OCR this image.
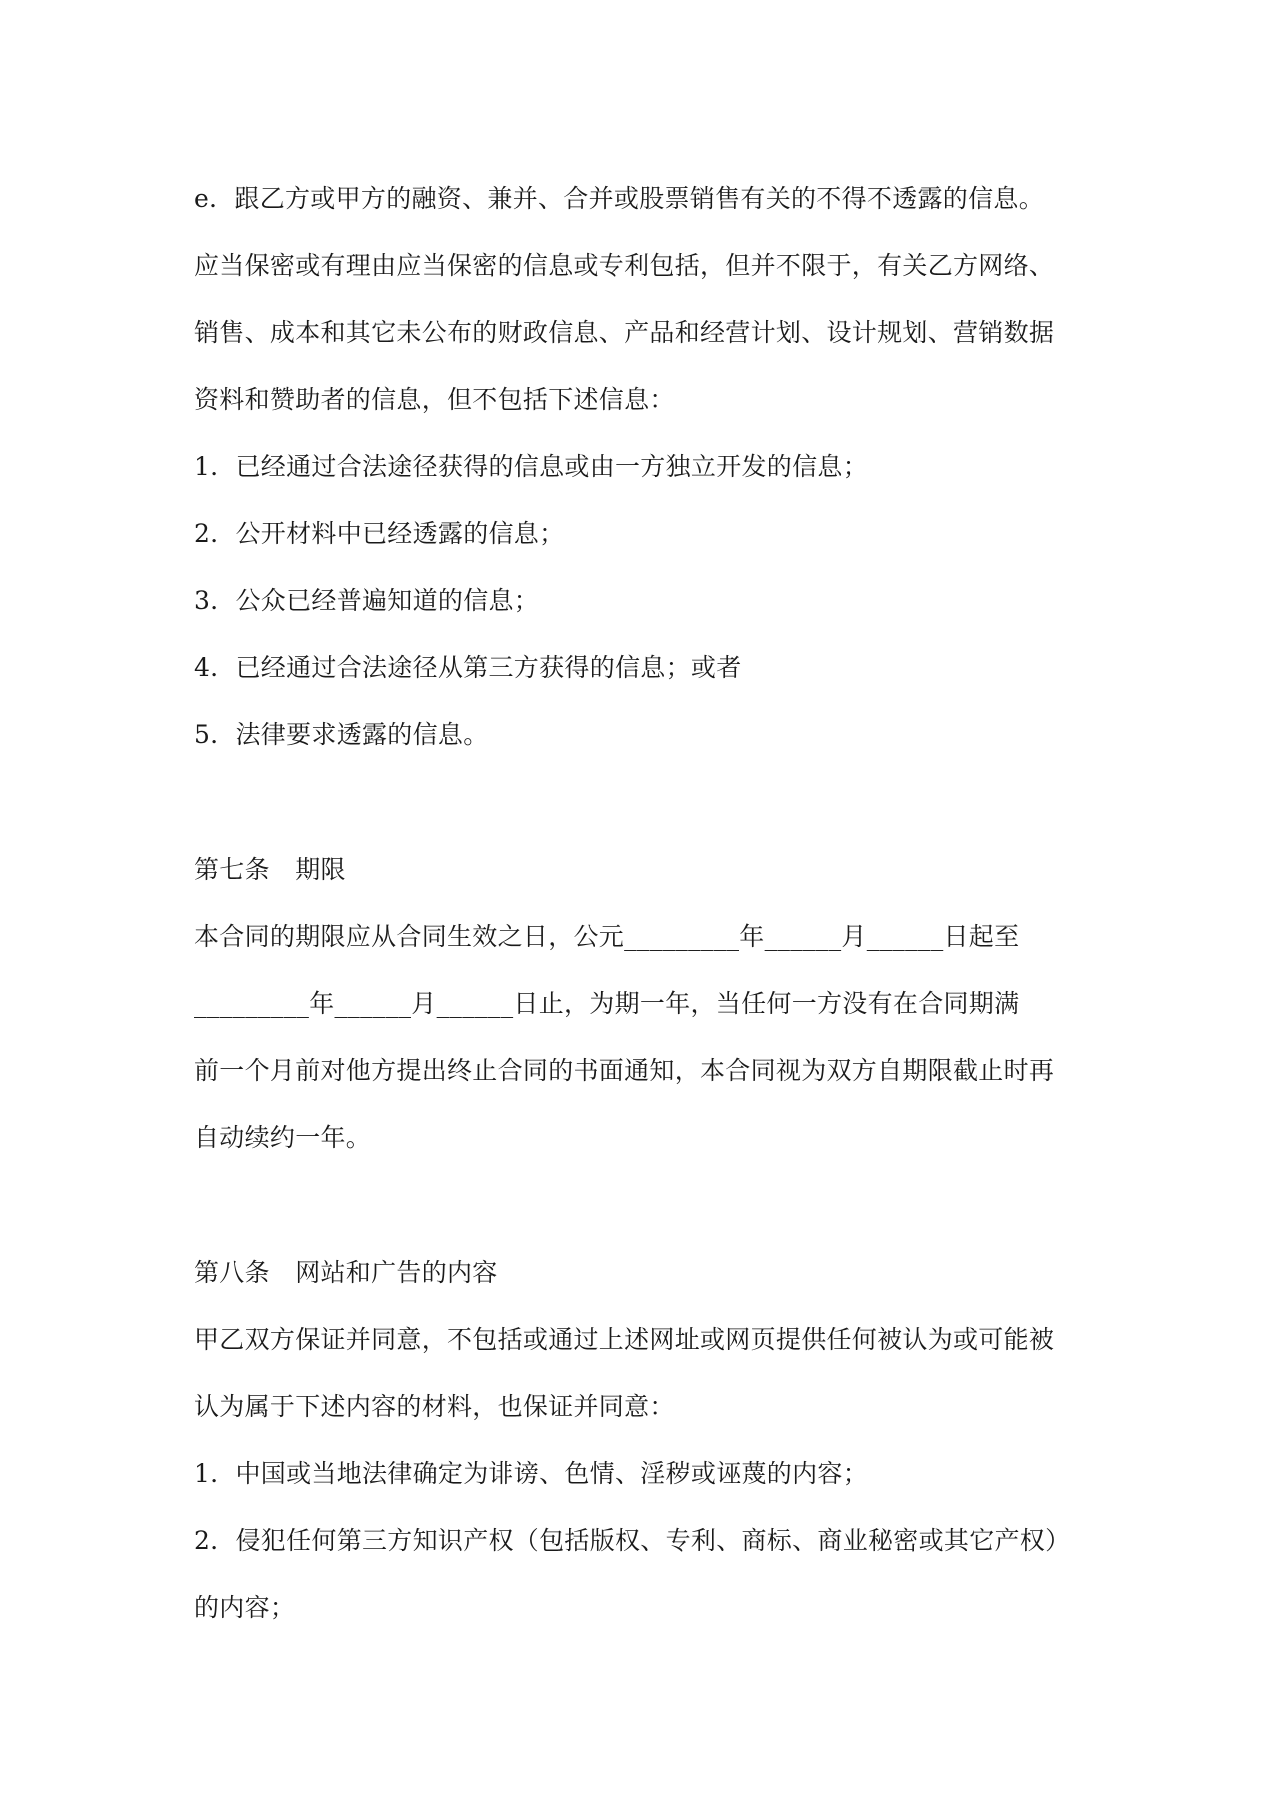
e．跟乙方或甲方的融资、兼并、合并或股票销售有关的不得不透露的信息。

应当保密或有理由应当保密的信息或专利包括，但并不限于，有关乙方网络、

销售、成本和其它未公布的财政信息、产品和经营计划、设计规划、营销数据

资料和赞助者的信息，但不包括下述信息：

1．已经通过合法途径获得的信息或由一方独立开发的信息；

2．公开材料中已经透露的信息；

3．公众已经普遍知道的信息；

4．已经通过合法途径从第三方获得的信息；或者

5．法律要求透露的信息。

第七条　期限

本合同的期限应从合同生效之日，公元_________年______月______日起至

_________年______月______日止，为期一年，当任何一方没有在合同期满

前一个月前对他方提出终止合同的书面通知，本合同视为双方自期限截止时再

自动续约一年。

第八条　网站和广告的内容

甲乙双方保证并同意，不包括或通过上述网址或网页提供任何被认为或可能被

认为属于下述内容的材料，也保证并同意：

1．中国或当地法律确定为诽谤、色情、淫秽或诬蔑的内容；

2．侵犯任何第三方知识产权（包括版权、专利、商标、商业秘密或其它产权）

的内容；
